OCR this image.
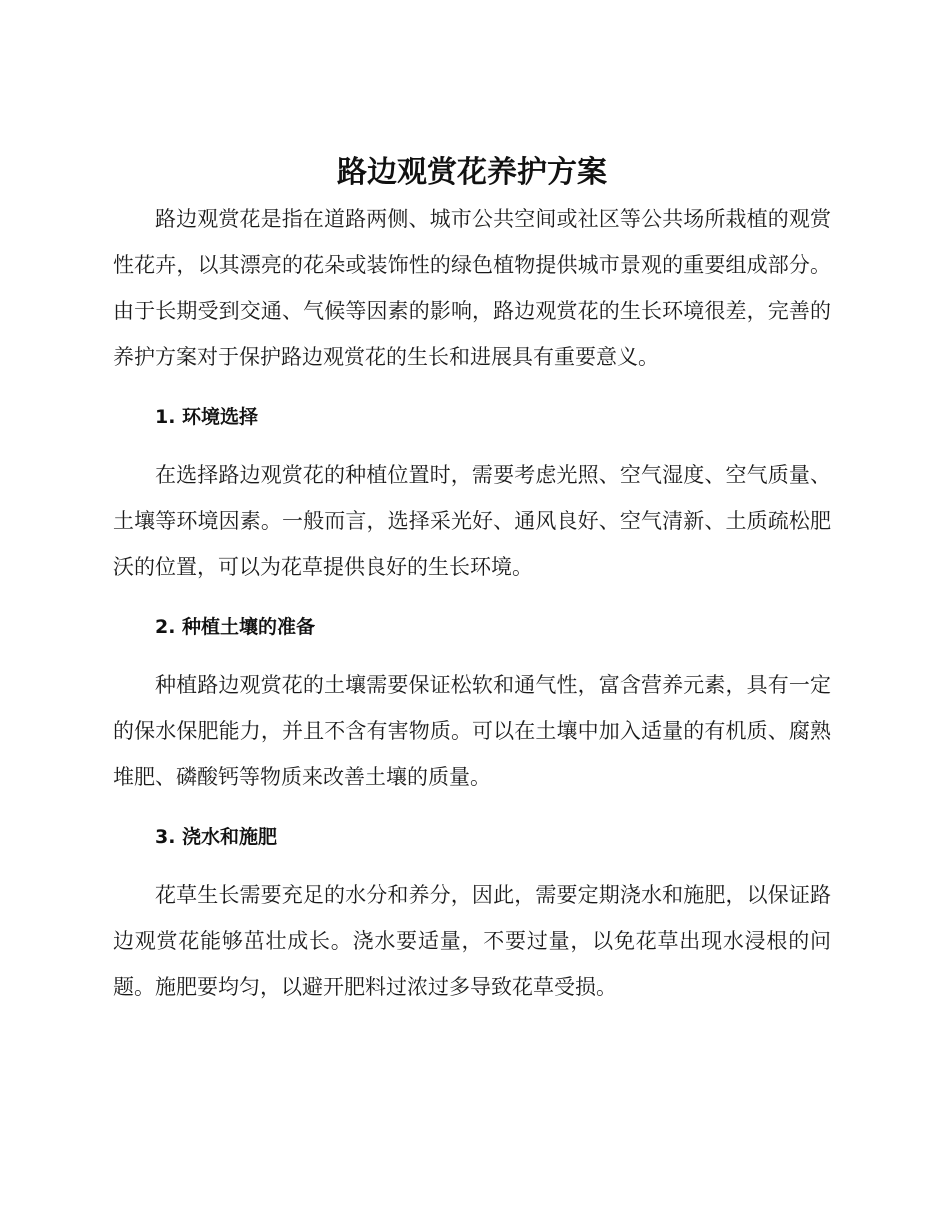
路边观赏花养护方案

路边观赏花是指在道路两侧、城市公共空间或社区等公共场所栽植的观赏性花卉，以其漂亮的花朵或装饰性的绿色植物提供城市景观的重要组成部分。由于长期受到交通、气候等因素的影响，路边观赏花的生长环境很差，完善的养护方案对于保护路边观赏花的生长和进展具有重要意义。

1. 环境选择

在选择路边观赏花的种植位置时，需要考虑光照、空气湿度、空气质量、土壤等环境因素。一般而言，选择采光好、通风良好、空气清新、土质疏松肥沃的位置，可以为花草提供良好的生长环境。

2. 种植土壤的准备

种植路边观赏花的土壤需要保证松软和通气性，富含营养元素，具有一定的保水保肥能力，并且不含有害物质。可以在土壤中加入适量的有机质、腐熟堆肥、磷酸钙等物质来改善土壤的质量。

3. 浇水和施肥

花草生长需要充足的水分和养分，因此，需要定期浇水和施肥，以保证路边观赏花能够茁壮成长。浇水要适量，不要过量，以免花草出现水浸根的问题。施肥要均匀，以避开肥料过浓过多导致花草受损。
